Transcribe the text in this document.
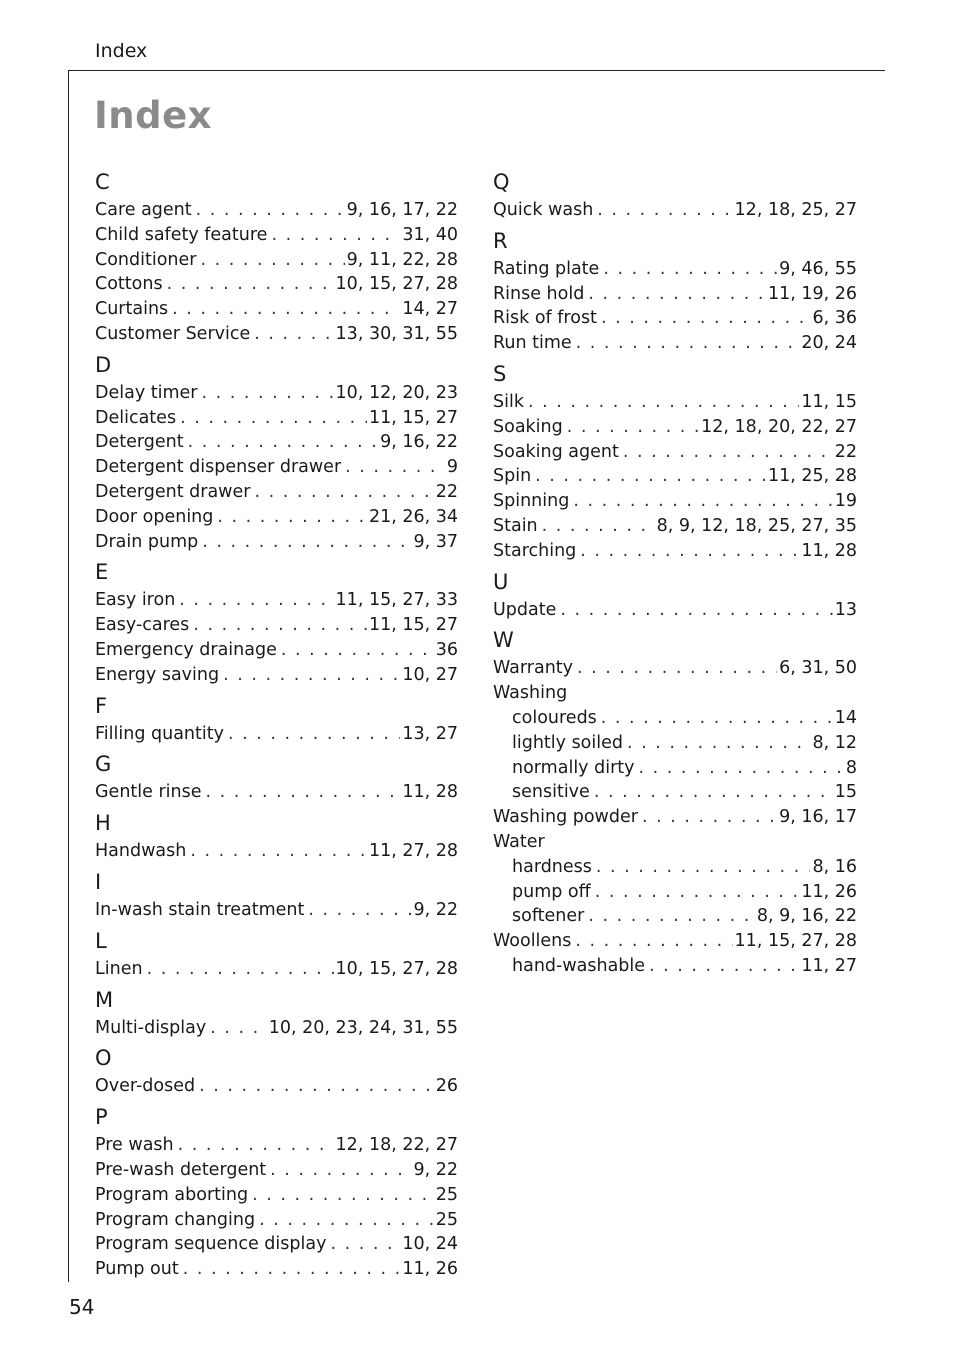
Index
Index
C
Care agent . . .	9, 16, 17, 22
Child safety feature . . .	31, 40
Conditioner . . .	9, 11, 22, 28
Cottons . . .	10, 15, 27, 28
Curtains . . .	14, 27
Customer Service . . .	13, 30, 31, 55
D
Delay timer . . .	10, 12, 20, 23
Delicates . . .	11, 15, 27
Detergent . . .	9, 16, 22
Detergent dispenser drawer . . .	9
Detergent drawer . . .	22
Door opening . . .	21, 26, 34
Drain pump . . .	9, 37
E
Easy iron . . .	11, 15, 27, 33
Easy-cares . . .	11, 15, 27
Emergency drainage . . .	36
Energy saving . . .	10, 27
F
Filling quantity . . .	13, 27
G
Gentle rinse . . .	11, 28
H
Handwash . . .	11, 27, 28
I
In-wash stain treatment . . .	9, 22
L
Linen . . .	10, 15, 27, 28
M
Multi-display . . .	10, 20, 23, 24, 31, 55
O
Over-dosed . . .	26
P
Pre wash . . .	12, 18, 22, 27
Pre-wash detergent . . .	9, 22
Program aborting . . .	25
Program changing . . .	25
Program sequence display . . .	10, 24
Pump out . . .	11, 26
Q
Quick wash . . .	12, 18, 25, 27
R
Rating plate . . .	9, 46, 55
Rinse hold . . .	11, 19, 26
Risk of frost . . .	6, 36
Run time . . .	20, 24
S
Silk . . .	11, 15
Soaking . . .	12, 18, 20, 22, 27
Soaking agent . . .	22
Spin . . .	11, 25, 28
Spinning . . .	19
Stain . . .	8, 9, 12, 18, 25, 27, 35
Starching . . .	11, 28
U
Update . . .	13
W
Warranty . . .	6, 31, 50
Washing
coloureds . . .	14
lightly soiled . . .	8, 12
normally dirty . . .	8
sensitive . . .	15
Washing powder . . .	9, 16, 17
Water
hardness . . .	8, 16
pump off . . .	11, 26
softener . . .	8, 9, 16, 22
Woollens . . .	11, 15, 27, 28
hand-washable . . .	11, 27
54
